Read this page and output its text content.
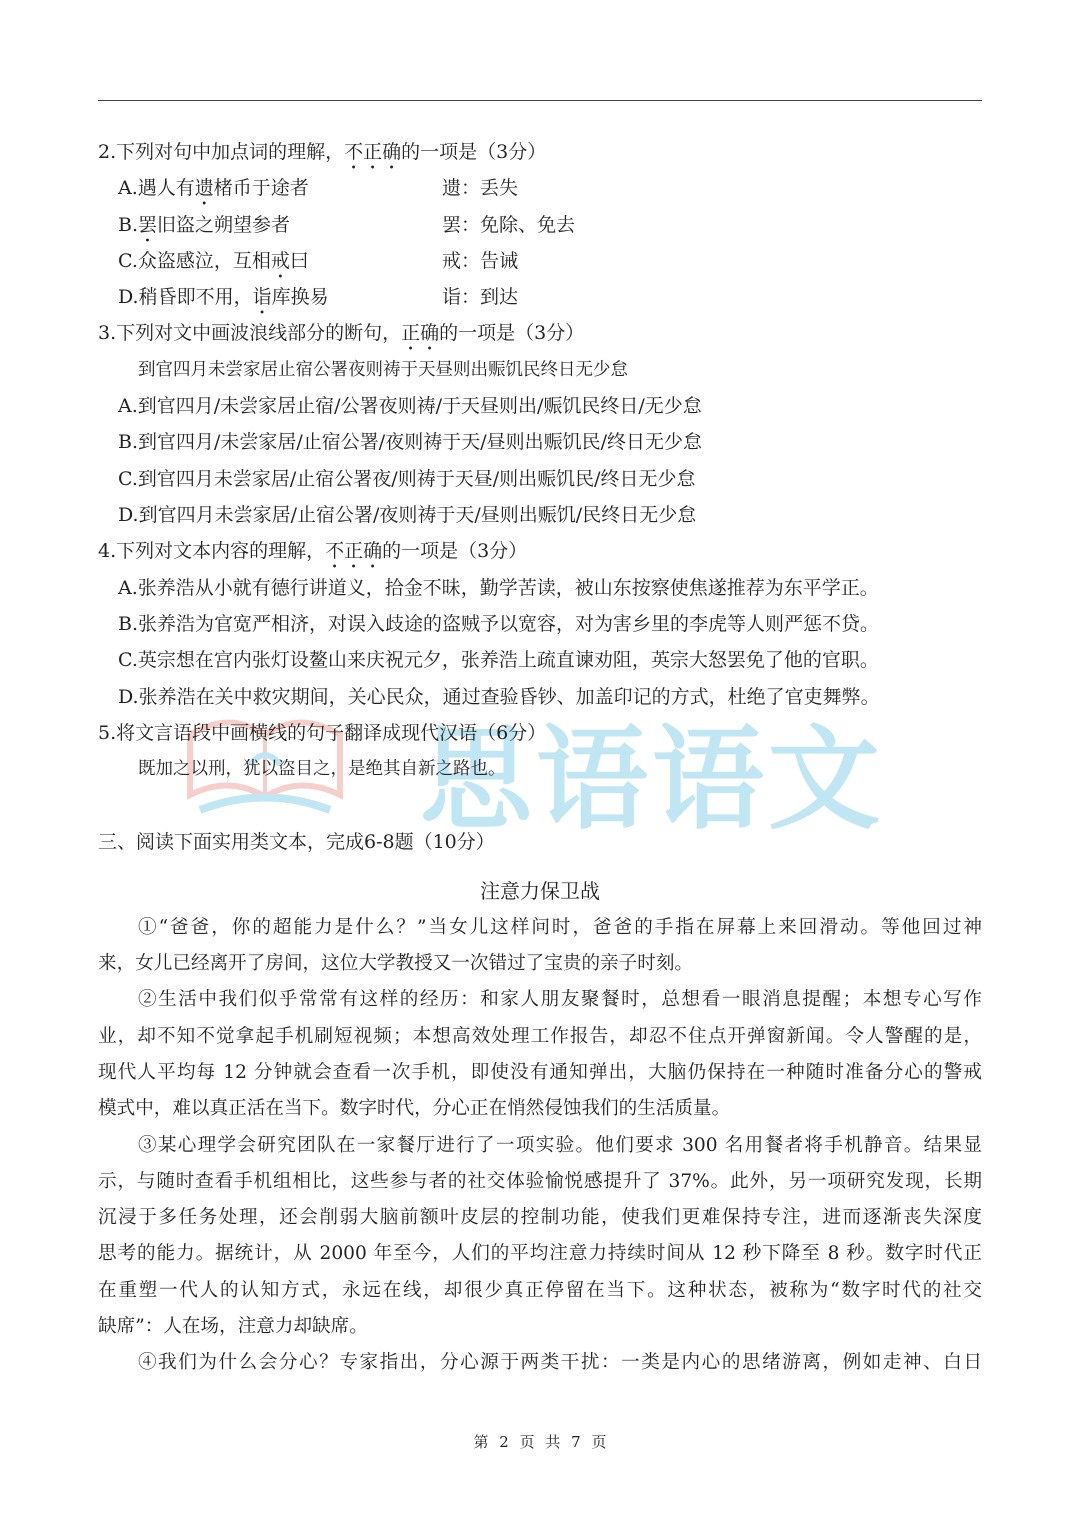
思语语文
2.下列对句中加点词的理解，不正确的一项是（3分）
A.遇人有遗楮币于途者	遗：丢失
B.罢旧盗之朔望参者	罢：免除、免去
C.众盗感泣，互相戒曰	戒：告诫
D.稍昏即不用，诣库换易	诣：到达
3.下列对文中画波浪线部分的断句，正确的一项是（3分）
到官四月未尝家居止宿公署夜则祷于天昼则出赈饥民终日无少怠
A.到官四月/未尝家居止宿/公署夜则祷/于天昼则出/赈饥民终日/无少怠
B.到官四月/未尝家居/止宿公署/夜则祷于天/昼则出赈饥民/终日无少怠
C.到官四月未尝家居/止宿公署夜/则祷于天昼/则出赈饥民/终日无少怠
D.到官四月未尝家居/止宿公署/夜则祷于天/昼则出赈饥/民终日无少怠
4.下列对文本内容的理解，不正确的一项是（3分）
A.张养浩从小就有德行讲道义，拾金不昧，勤学苦读，被山东按察使焦遂推荐为东平学正。
B.张养浩为官宽严相济，对误入歧途的盗贼予以宽容，对为害乡里的李虎等人则严惩不贷。
C.英宗想在宫内张灯设鳌山来庆祝元夕，张养浩上疏直谏劝阻，英宗大怒罢免了他的官职。
D.张养浩在关中救灾期间，关心民众，通过查验昏钞、加盖印记的方式，杜绝了官吏舞弊。
5.将文言语段中画横线的句子翻译成现代汉语（6分）
既加之以刑，犹以盗目之，是绝其自新之路也。
三、阅读下面实用类文本，完成6-8题（10分）
注意力保卫战
①“爸爸，你的超能力是什么？”当女儿这样问时，爸爸的手指在屏幕上来回滑动。等他回过神
来，女儿已经离开了房间，这位大学教授又一次错过了宝贵的亲子时刻。
②生活中我们似乎常常有这样的经历：和家人朋友聚餐时，总想看一眼消息提醒；本想专心写作
业，却不知不觉拿起手机刷短视频；本想高效处理工作报告，却忍不住点开弹窗新闻。令人警醒的是，
现代人平均每 12 分钟就会查看一次手机，即使没有通知弹出，大脑仍保持在一种随时准备分心的警戒
模式中，难以真正活在当下。数字时代，分心正在悄然侵蚀我们的生活质量。
③某心理学会研究团队在一家餐厅进行了一项实验。他们要求 300 名用餐者将手机静音。结果显
示，与随时查看手机组相比，这些参与者的社交体验愉悦感提升了 37%。此外，另一项研究发现，长期
沉浸于多任务处理，还会削弱大脑前额叶皮层的控制功能，使我们更难保持专注，进而逐渐丧失深度
思考的能力。据统计，从 2000 年至今，人们的平均注意力持续时间从 12 秒下降至 8 秒。数字时代正
在重塑一代人的认知方式，永远在线，却很少真正停留在当下。这种状态，被称为“数字时代的社交
缺席”：人在场，注意力却缺席。
④我们为什么会分心？专家指出，分心源于两类干扰：一类是内心的思绪游离，例如走神、白日
第 2 页 共 7 页
